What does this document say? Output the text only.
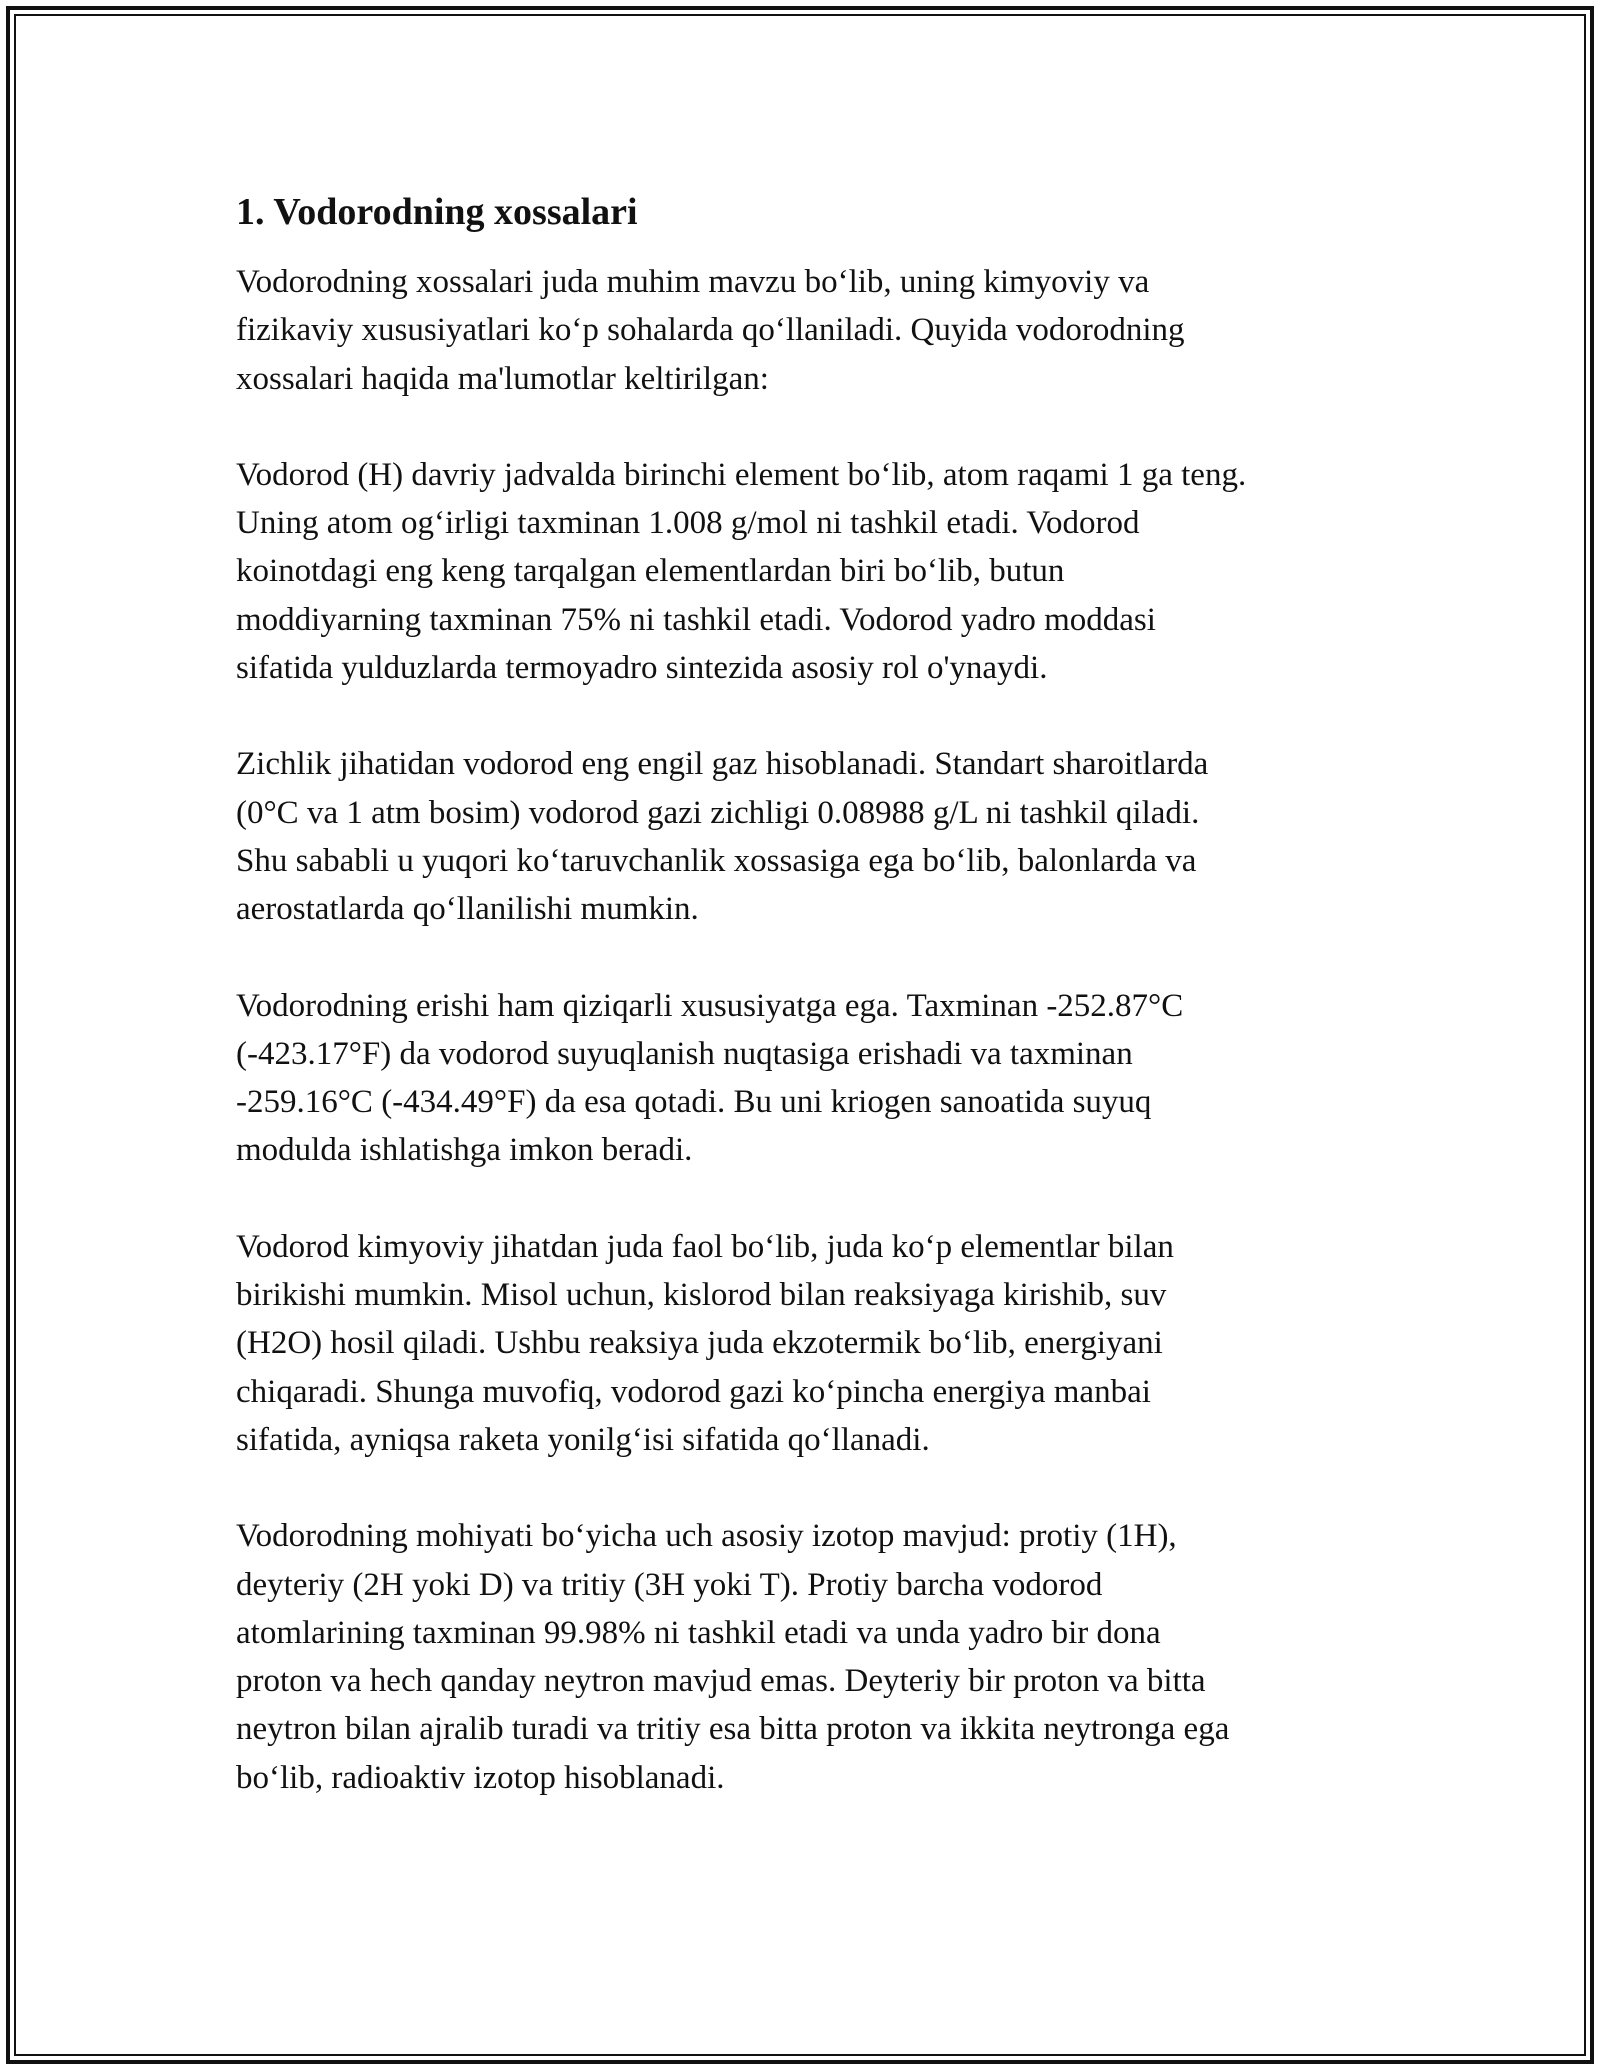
1. Vodorodning xossalari

Vodorodning xossalari juda muhim mavzu bo‘lib, uning kimyoviy va
fizikaviy xususiyatlari ko‘p sohalarda qo‘llaniladi. Quyida vodorodning
xossalari haqida ma'lumotlar keltirilgan:

Vodorod (H) davriy jadvalda birinchi element bo‘lib, atom raqami 1 ga teng.
Uning atom og‘irligi taxminan 1.008 g/mol ni tashkil etadi. Vodorod
koinotdagi eng keng tarqalgan elementlardan biri bo‘lib, butun
moddiyarning taxminan 75% ni tashkil etadi. Vodorod yadro moddasi
sifatida yulduzlarda termoyadro sintezida asosiy rol o'ynaydi.

Zichlik jihatidan vodorod eng engil gaz hisoblanadi. Standart sharoitlarda
(0°C va 1 atm bosim) vodorod gazi zichligi 0.08988 g/L ni tashkil qiladi.
Shu sababli u yuqori ko‘taruvchanlik xossasiga ega bo‘lib, balonlarda va
aerostatlarda qo‘llanilishi mumkin.

Vodorodning erishi ham qiziqarli xususiyatga ega. Taxminan -252.87°C
(-423.17°F) da vodorod suyuqlanish nuqtasiga erishadi va taxminan
-259.16°C (-434.49°F) da esa qotadi. Bu uni kriogen sanoatida suyuq
modulda ishlatishga imkon beradi.

Vodorod kimyoviy jihatdan juda faol bo‘lib, juda ko‘p elementlar bilan
birikishi mumkin. Misol uchun, kislorod bilan reaksiyaga kirishib, suv
(H2O) hosil qiladi. Ushbu reaksiya juda ekzotermik bo‘lib, energiyani
chiqaradi. Shunga muvofiq, vodorod gazi ko‘pincha energiya manbai
sifatida, ayniqsa raketa yonilg‘isi sifatida qo‘llanadi.

Vodorodning mohiyati bo‘yicha uch asosiy izotop mavjud: protiy (1H),
deyteriy (2H yoki D) va tritiy (3H yoki T). Protiy barcha vodorod
atomlarining taxminan 99.98% ni tashkil etadi va unda yadro bir dona
proton va hech qanday neytron mavjud emas. Deyteriy bir proton va bitta
neytron bilan ajralib turadi va tritiy esa bitta proton va ikkita neytronga ega
bo‘lib, radioaktiv izotop hisoblanadi.
